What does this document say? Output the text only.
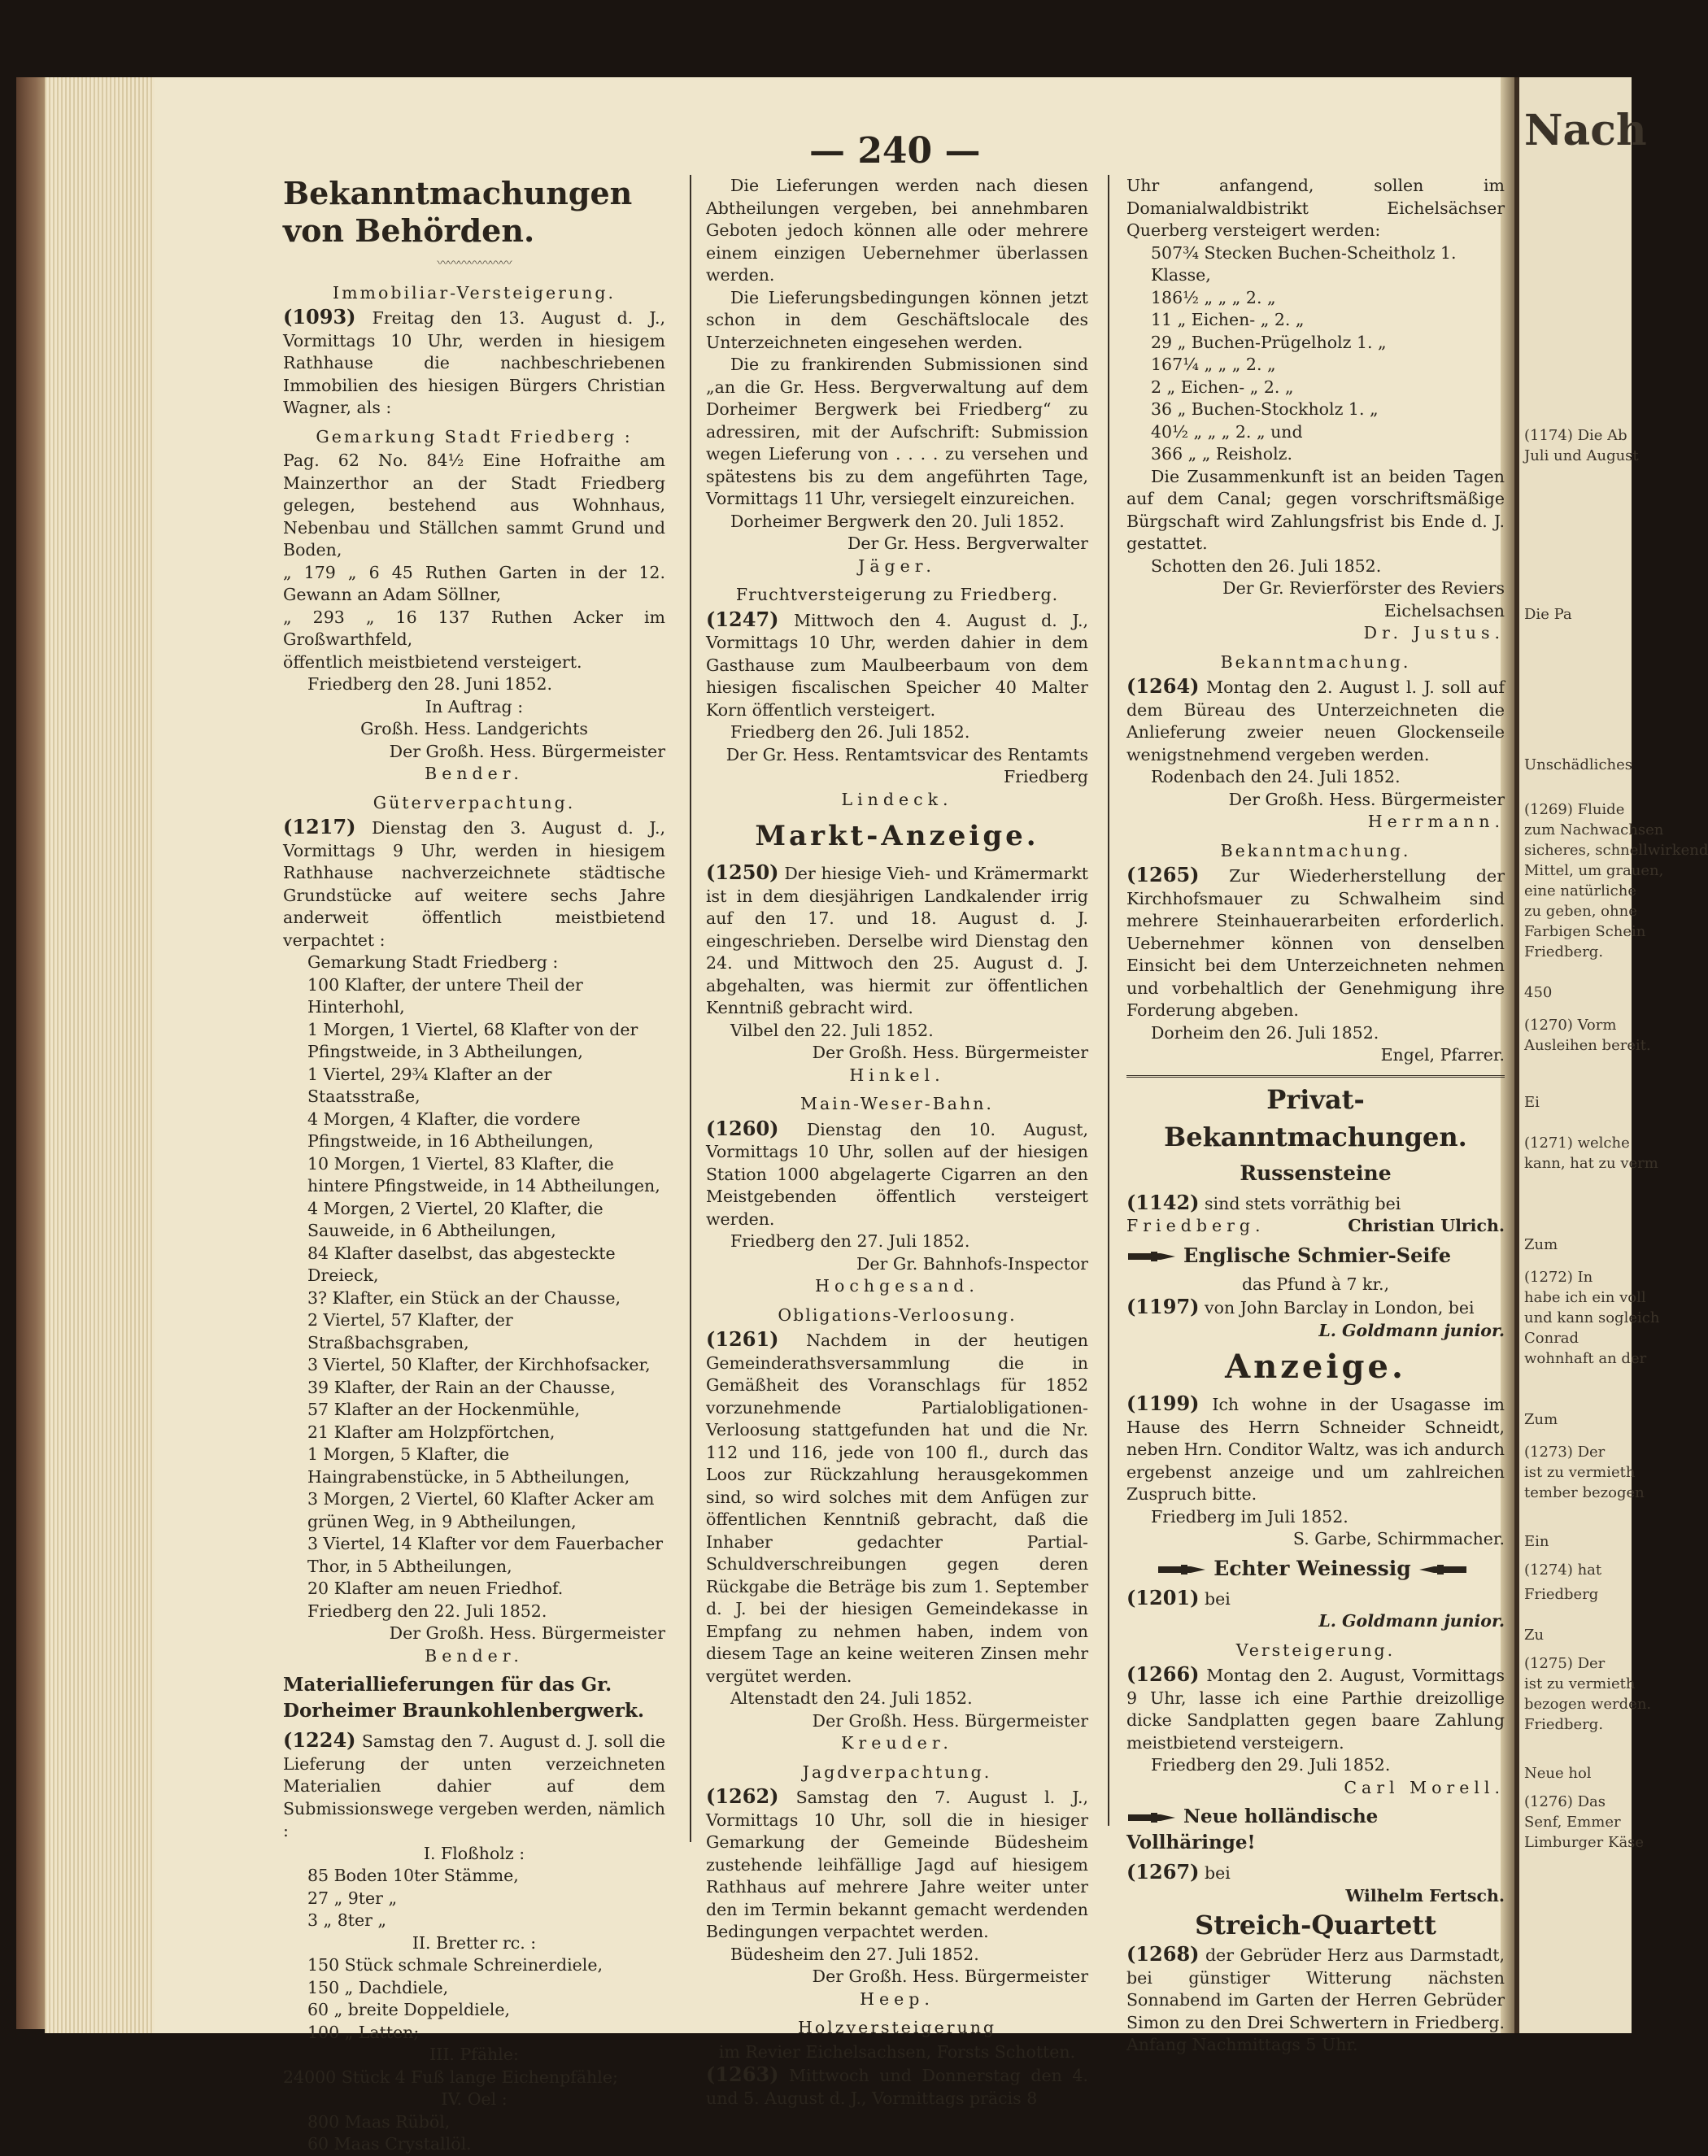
Nach
(1174) Die Ab
Juli und August
Die Pa
Unschädliches
(1269) Fluide
zum Nachwachsen
sicheres, schnellwirkend
Mittel, um grauen,
eine natürliche
zu geben, ohne
Farbigen Schein
Friedberg.
450
(1270) Vorm
Ausleihen bereit.
Ei
(1271) welche
kann, hat zu verm
Zum
(1272) In
habe ich ein voll
und kann sogleich
Conrad
wohnhaft an der
Zum
(1273) Der
ist zu vermieth
tember bezogen
Ein
(1274) hat
Friedberg
Zu
(1275) Der
ist zu vermieth
bezogen werden.
Friedberg.
Neue hol
(1276) Das
Senf, Emmer
Limburger Käse
— 240 —
Bekanntmachungen von Behörden.
〰〰〰〰〰〰〰
Immobiliar-Versteigerung.

(1093) Freitag den 13. August d. J., Vormittags 10 Uhr, werden in hiesigem Rathhause die nachbeschriebenen Immobilien des hiesigen Bürgers Christian Wagner, als :

Gemarkung Stadt Friedberg :

Pag. 62 No. 84½ Eine Hofraithe am Mainzerthor an der Stadt Friedberg gelegen, bestehend aus Wohnhaus, Nebenbau und Ställchen sammt Grund und Boden,

„ 179 „ 6 45 Ruthen Garten in der 12. Gewann an Adam Söllner,

„ 293 „ 16 137 Ruthen Acker im Großwarthfeld,

öffentlich meistbietend versteigert.

Friedberg den 28. Juni 1852.

In Auftrag :

Großh. Hess. Landgerichts

Der Großh. Hess. Bürgermeister

Bender.

Güterverpachtung.

(1217) Dienstag den 3. August d. J., Vormittags 9 Uhr, werden in hiesigem Rathhause nachverzeichnete städtische Grundstücke auf weitere sechs Jahre anderweit öffentlich meistbietend verpachtet :

Gemarkung Stadt Friedberg :

100 Klafter, der untere Theil der Hinterhohl,

1 Morgen, 1 Viertel, 68 Klafter von der Pfingstweide, in 3 Abtheilungen,

1 Viertel, 29¾ Klafter an der Staatsstraße,

4 Morgen, 4 Klafter, die vordere Pfingstweide, in 16 Abtheilungen,

10 Morgen, 1 Viertel, 83 Klafter, die hintere Pfingstweide, in 14 Abtheilungen,

4 Morgen, 2 Viertel, 20 Klafter, die Sauweide, in 6 Abtheilungen,

84 Klafter daselbst, das abgesteckte Dreieck,

3? Klafter, ein Stück an der Chausse,

2 Viertel, 57 Klafter, der Straßbachsgraben,

3 Viertel, 50 Klafter, der Kirchhofsacker,

39 Klafter, der Rain an der Chausse,

57 Klafter an der Hockenmühle,

21 Klafter am Holzpförtchen,

1 Morgen, 5 Klafter, die Haingrabenstücke, in 5 Abtheilungen,

3 Morgen, 2 Viertel, 60 Klafter Acker am grünen Weg, in 9 Abtheilungen,

3 Viertel, 14 Klafter vor dem Fauerbacher Thor, in 5 Abtheilungen,

20 Klafter am neuen Friedhof.

Friedberg den 22. Juli 1852.

Der Großh. Hess. Bürgermeister

Bender.

Materiallieferungen für das Gr. Dorheimer Braunkohlenbergwerk.

(1224) Samstag den 7. August d. J. soll die Lieferung der unten verzeichneten Materialien dahier auf dem Submissionswege vergeben werden, nämlich :

I. Floßholz :

85 Boden 10ter Stämme,

27 „ 9ter „

3 „ 8ter „

II. Bretter rc. :

150 Stück schmale Schreinerdiele,

150 „ Dachdiele,

60 „ breite Doppeldiele,

100 „ Latten;

III. Pfähle:

24000 Stück 4 Fuß lange Eichenpfähle;

IV. Oel :

800 Maas Rüböl,

60 Maas Crystallöl.

Die Lieferungen werden nach diesen Abtheilungen vergeben, bei annehmbaren Geboten jedoch können alle oder mehrere einem einzigen Uebernehmer überlassen werden.

Die Lieferungsbedingungen können jetzt schon in dem Geschäftslocale des Unterzeichneten eingesehen werden.

Die zu frankirenden Submissionen sind „an die Gr. Hess. Bergverwaltung auf dem Dorheimer Bergwerk bei Friedberg“ zu adressiren, mit der Aufschrift: Submission wegen Lieferung von . . . . zu versehen und spätestens bis zu dem angeführten Tage, Vormittags 11 Uhr, versiegelt einzureichen.

Dorheimer Bergwerk den 20. Juli 1852.

Der Gr. Hess. Bergverwalter

Jäger.

Fruchtversteigerung zu Friedberg.

(1247) Mittwoch den 4. August d. J., Vormittags 10 Uhr, werden dahier in dem Gasthause zum Maulbeerbaum von dem hiesigen fiscalischen Speicher 40 Malter Korn öffentlich versteigert.

Friedberg den 26. Juli 1852.

Der Gr. Hess. Rentamtsvicar des Rentamts Friedberg

Lindeck.

Markt-Anzeige.

(1250) Der hiesige Vieh- und Krämermarkt ist in dem diesjährigen Landkalender irrig auf den 17. und 18. August d. J. eingeschrieben. Derselbe wird Dienstag den 24. und Mittwoch den 25. August d. J. abgehalten, was hiermit zur öffentlichen Kenntniß gebracht wird.

Vilbel den 22. Juli 1852.

Der Großh. Hess. Bürgermeister

Hinkel.

Main-Weser-Bahn.

(1260) Dienstag den 10. August, Vormittags 10 Uhr, sollen auf der hiesigen Station 1000 abgelagerte Cigarren an den Meistgebenden öffentlich versteigert werden.

Friedberg den 27. Juli 1852.

Der Gr. Bahnhofs-Inspector

Hochgesand.

Obligations-Verloosung.

(1261) Nachdem in der heutigen Gemeinderathsversammlung die in Gemäßheit des Voranschlags für 1852 vorzunehmende Partialobligationen-Verloosung stattgefunden hat und die Nr. 112 und 116, jede von 100 fl., durch das Loos zur Rückzahlung herausgekommen sind, so wird solches mit dem Anfügen zur öffentlichen Kenntniß gebracht, daß die Inhaber gedachter Partial-Schuldverschreibungen gegen deren Rückgabe die Beträge bis zum 1. September d. J. bei der hiesigen Gemeindekasse in Empfang zu nehmen haben, indem von diesem Tage an keine weiteren Zinsen mehr vergütet werden.

Altenstadt den 24. Juli 1852.

Der Großh. Hess. Bürgermeister

Kreuder.

Jagdverpachtung.

(1262) Samstag den 7. August l. J., Vormittags 10 Uhr, soll die in hiesiger Gemarkung der Gemeinde Büdesheim zustehende leihfällige Jagd auf hiesigem Rathhaus auf mehrere Jahre weiter unter den im Termin bekannt gemacht werdenden Bedingungen verpachtet werden.

Büdesheim den 27. Juli 1852.

Der Großh. Hess. Bürgermeister

Heep.

Holzversteigerung

im Revier Eichelsachsen, Forsts Schotten.

(1263) Mittwoch und Donnerstag den 4. und 5. August d. J., Vormittags präcis 8

Uhr anfangend, sollen im Domanialwaldbistrikt Eichelsächser Querberg versteigert werden:

507¾ Stecken Buchen-Scheitholz 1. Klasse,

186½ „ „ „ 2. „

11 „ Eichen- „ 2. „

29 „ Buchen-Prügelholz 1. „

167¼ „ „ „ 2. „

2 „ Eichen- „ 2. „

36 „ Buchen-Stockholz 1. „

40½ „ „ „ 2. „ und

366 „ „ Reisholz.

Die Zusammenkunft ist an beiden Tagen auf dem Canal; gegen vorschriftsmäßige Bürgschaft wird Zahlungsfrist bis Ende d. J. gestattet.

Schotten den 26. Juli 1852.

Der Gr. Revierförster des Reviers Eichelsachsen

Dr. Justus.

Bekanntmachung.

(1264) Montag den 2. August l. J. soll auf dem Büreau des Unterzeichneten die Anlieferung zweier neuen Glockenseile wenigstnehmend vergeben werden.

Rodenbach den 24. Juli 1852.

Der Großh. Hess. Bürgermeister

Herrmann.

Bekanntmachung.

(1265) Zur Wiederherstellung der Kirchhofsmauer zu Schwalheim sind mehrere Steinhauerarbeiten erforderlich. Uebernehmer können von denselben Einsicht bei dem Unterzeichneten nehmen und vorbehaltlich der Genehmigung ihre Forderung abgeben.

Dorheim den 26. Juli 1852.

Engel, Pfarrer.

Privat-Bekanntmachungen.
Russensteine

(1142) sind stets vorräthig bei

Friedberg.	Christian Ulrich.

Englische Schmier-Seife

das Pfund à 7 kr.,

(1197) von John Barclay in London, bei

L. Goldmann junior.

Anzeige.

(1199) Ich wohne in der Usagasse im Hause des Herrn Schneider Schneidt, neben Hrn. Conditor Waltz, was ich andurch ergebenst anzeige und um zahlreichen Zuspruch bitte.

Friedberg im Juli 1852.

S. Garbe, Schirmmacher.

Echter Weinessig

(1201) bei

L. Goldmann junior.

Versteigerung.

(1266) Montag den 2. August, Vormittags 9 Uhr, lasse ich eine Parthie dreizollige dicke Sandplatten gegen baare Zahlung meistbietend versteigern.

Friedberg den 29. Juli 1852.

Carl Morell.

Neue holländische Vollhäringe!

(1267) bei

Wilhelm Fertsch.

Streich-Quartett

(1268) der Gebrüder Herz aus Darmstadt, bei günstiger Witterung nächsten Sonnabend im Garten der Herren Gebrüder Simon zu den Drei Schwertern in Friedberg. Anfang Nachmittags 5 Uhr.
